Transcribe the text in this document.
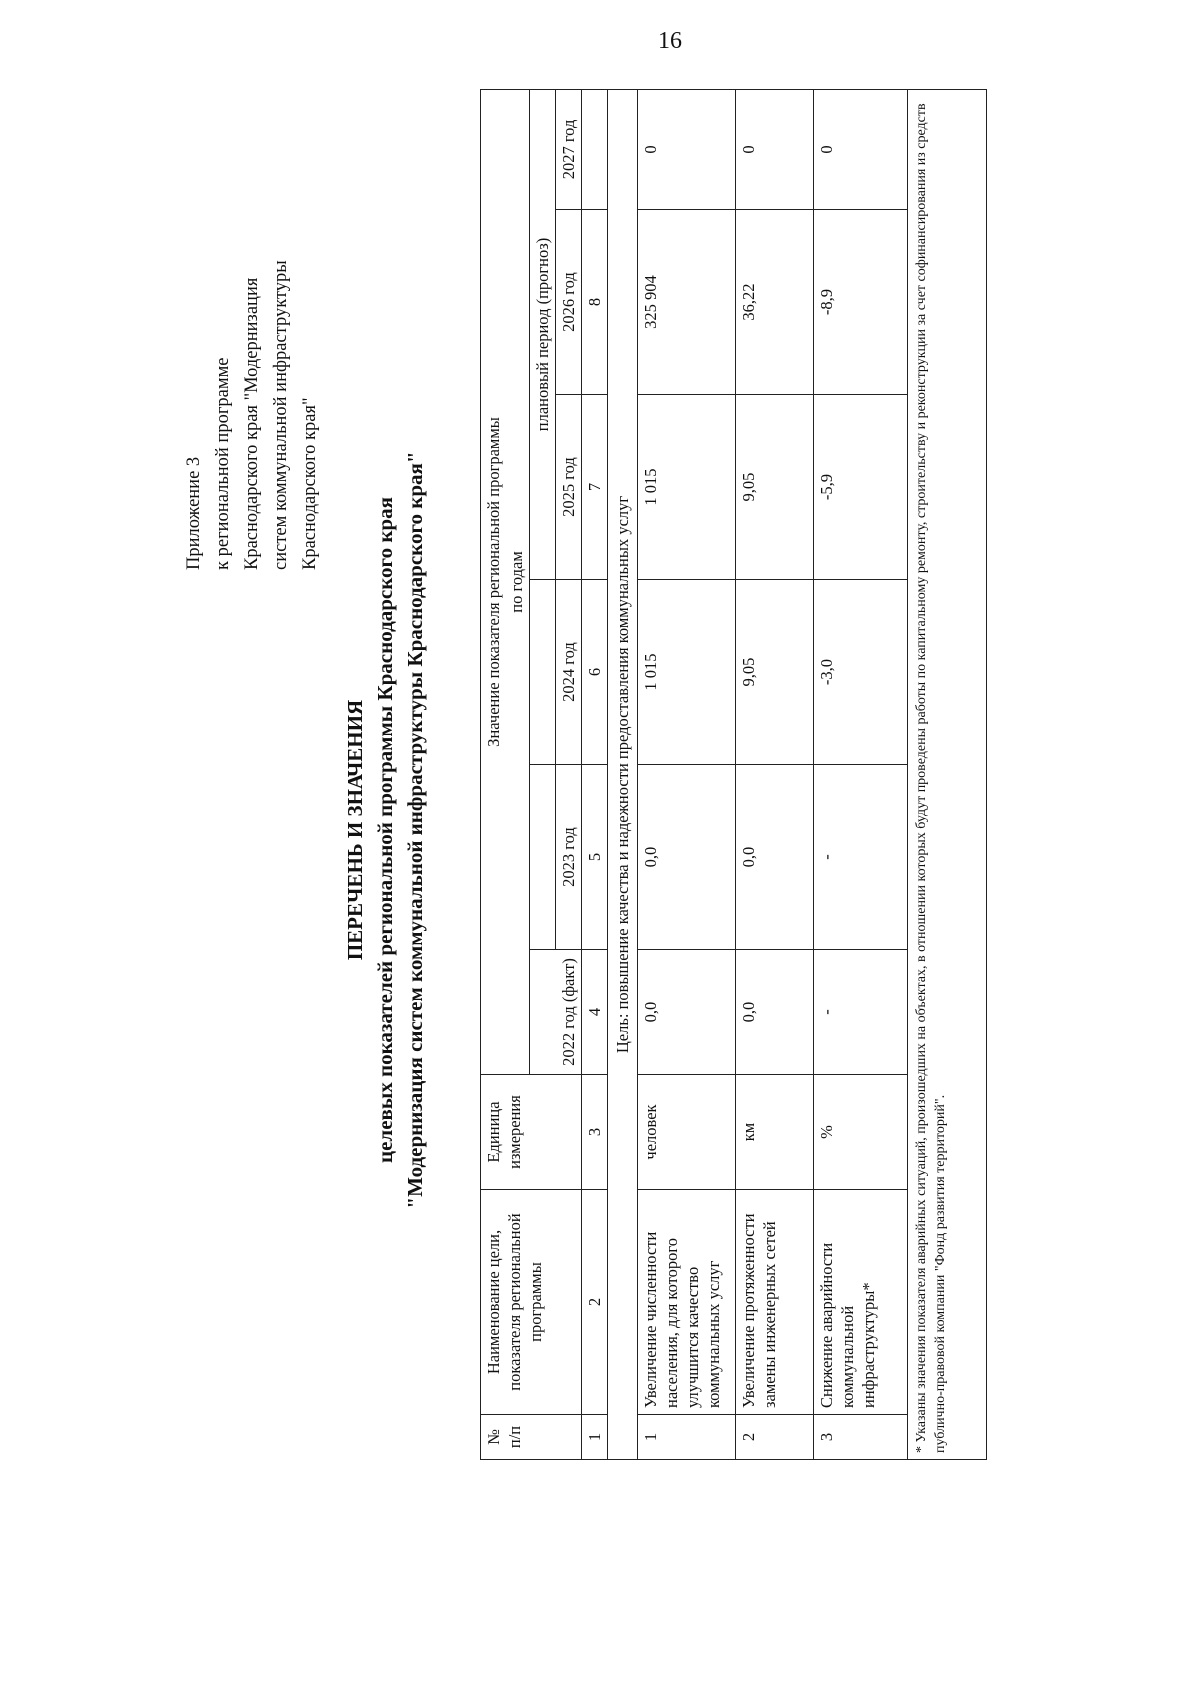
16
Приложение 3 к региональной программе Краснодарского края "Модернизация систем коммунальной инфраструктуры Краснодарского края"
ПЕРЕЧЕНЬ И ЗНАЧЕНИЯ целевых показателей региональной программы Краснодарского края "Модернизация систем коммунальной инфраструктуры Краснодарского края"
№ п/п	Наименование цели, показателя региональной программы	Единица измерения	Значение показателя региональной программы					
			по годам					
			2022 год (факт)			плановый период (прогноз)		
				2023 год	2024 год	2025 год	2026 год	2027 год
1	2	3	4	5	6	7	8	
Цель: повышение качества и надежности предоставления коммунальных услуг								
1	Увеличение численности населения, для которого улучшится качество коммунальных услуг	человек	0,0	0,0	1 015	1 015	325 904	0
2	Увеличение протяженности замены инженерных сетей	км	0,0	0,0	9,05	9,05	36,22	0
3	Снижение аварийности коммунальной инфраструктуры*	%	-	-	-3,0	-5,9	-8,9	0
* Указаны значения показателя аварийных ситуаций, произошедших на объектах, в отношении которых будут проведены работы по капитальному ремонту, строительству и реконструкции за счет софинансирования из средств публично-правовой компании "Фонд развития территорий".								
